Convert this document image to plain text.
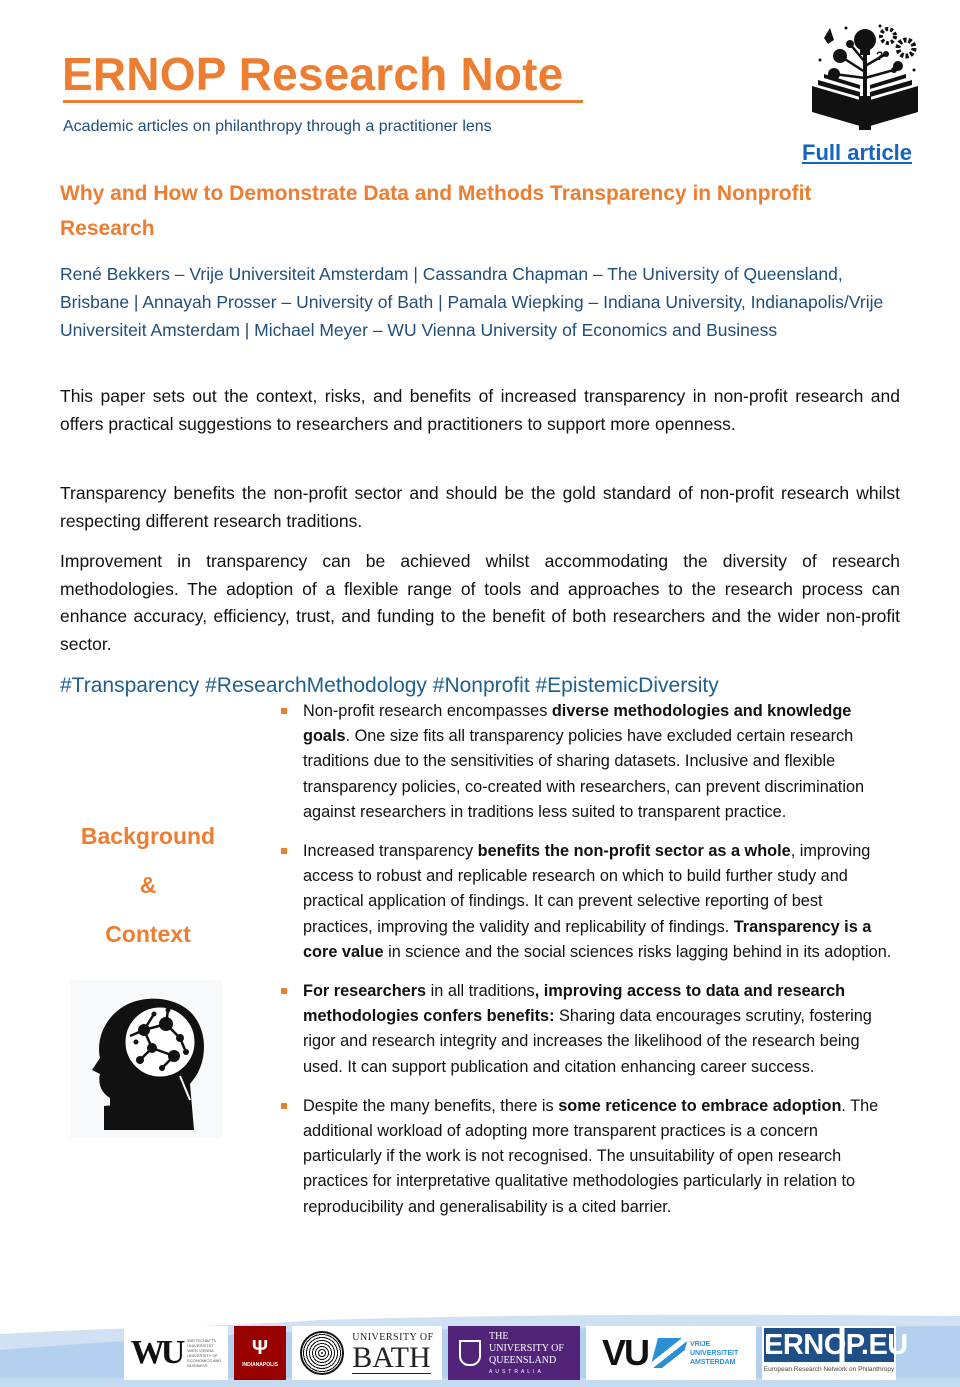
ERNOP Research Note
Academic articles on philanthropy through a practitioner lens
?
Full article
Why and How to Demonstrate Data and Methods Transparency in Nonprofit Research
René Bekkers – Vrije Universiteit Amsterdam | Cassandra Chapman – The University of Queensland, Brisbane | Annayah Prosser – University of Bath | Pamala Wiepking – Indiana University, Indianapolis/Vrije Universiteit Amsterdam | Michael Meyer – WU Vienna University of Economics and Business
This paper sets out the context, risks, and benefits of increased transparency in non-profit research and offers practical suggestions to researchers and practitioners to support more openness.
Transparency benefits the non-profit sector and should be the gold standard of non-profit research whilst respecting different research traditions.
Improvement in transparency can be achieved whilst accommodating the diversity of research methodologies. The adoption of a flexible range of tools and approaches to the research process can enhance accuracy, efficiency, trust, and funding to the benefit of both researchers and the wider non-profit sector.
#Transparency #ResearchMethodology #Nonprofit #EpistemicDiversity
Background
&
Context
Non-profit research encompasses diverse methodologies and knowledge goals. One size fits all transparency policies have excluded certain research traditions due to the sensitivities of sharing datasets. Inclusive and flexible transparency policies, co-created with researchers, can prevent discrimination against researchers in traditions less suited to transparent practice.
Increased transparency benefits the non-profit sector as a whole, improving access to robust and replicable research on which to build further study and practical application of findings. It can prevent selective reporting of best practices, improving the validity and replicability of findings. Transparency is a core value in science and the social sciences risks lagging behind in its adoption.
For researchers in all traditions, improving access to data and research methodologies confers benefits: Sharing data encourages scrutiny, fostering rigor and research integrity and increases the likelihood of the research being used. It can support publication and citation enhancing career success.
Despite the many benefits, there is some reticence to embrace adoption. The additional workload of adopting more transparent practices is a concern particularly if the work is not recognised. The unsuitability of open research practices for interpretative qualitative methodologies particularly in relation to reproducibility and generalisability is a cited barrier.
WU WIRTSCHAFTS UNIVERSITÄT WIEN VIENNA UNIVERSITY OF ECONOMICS AND BUSINESS
Ψ
INDIANAPOLIS
UNIVERSITY OF
BATH
THE UNIVERSITY OF QUEENSLAND
AUSTRALIA	VU	VRIJE UNIVERSITEIT AMSTERDAM
ERNOP.EU
European Research Network on Philanthropy
